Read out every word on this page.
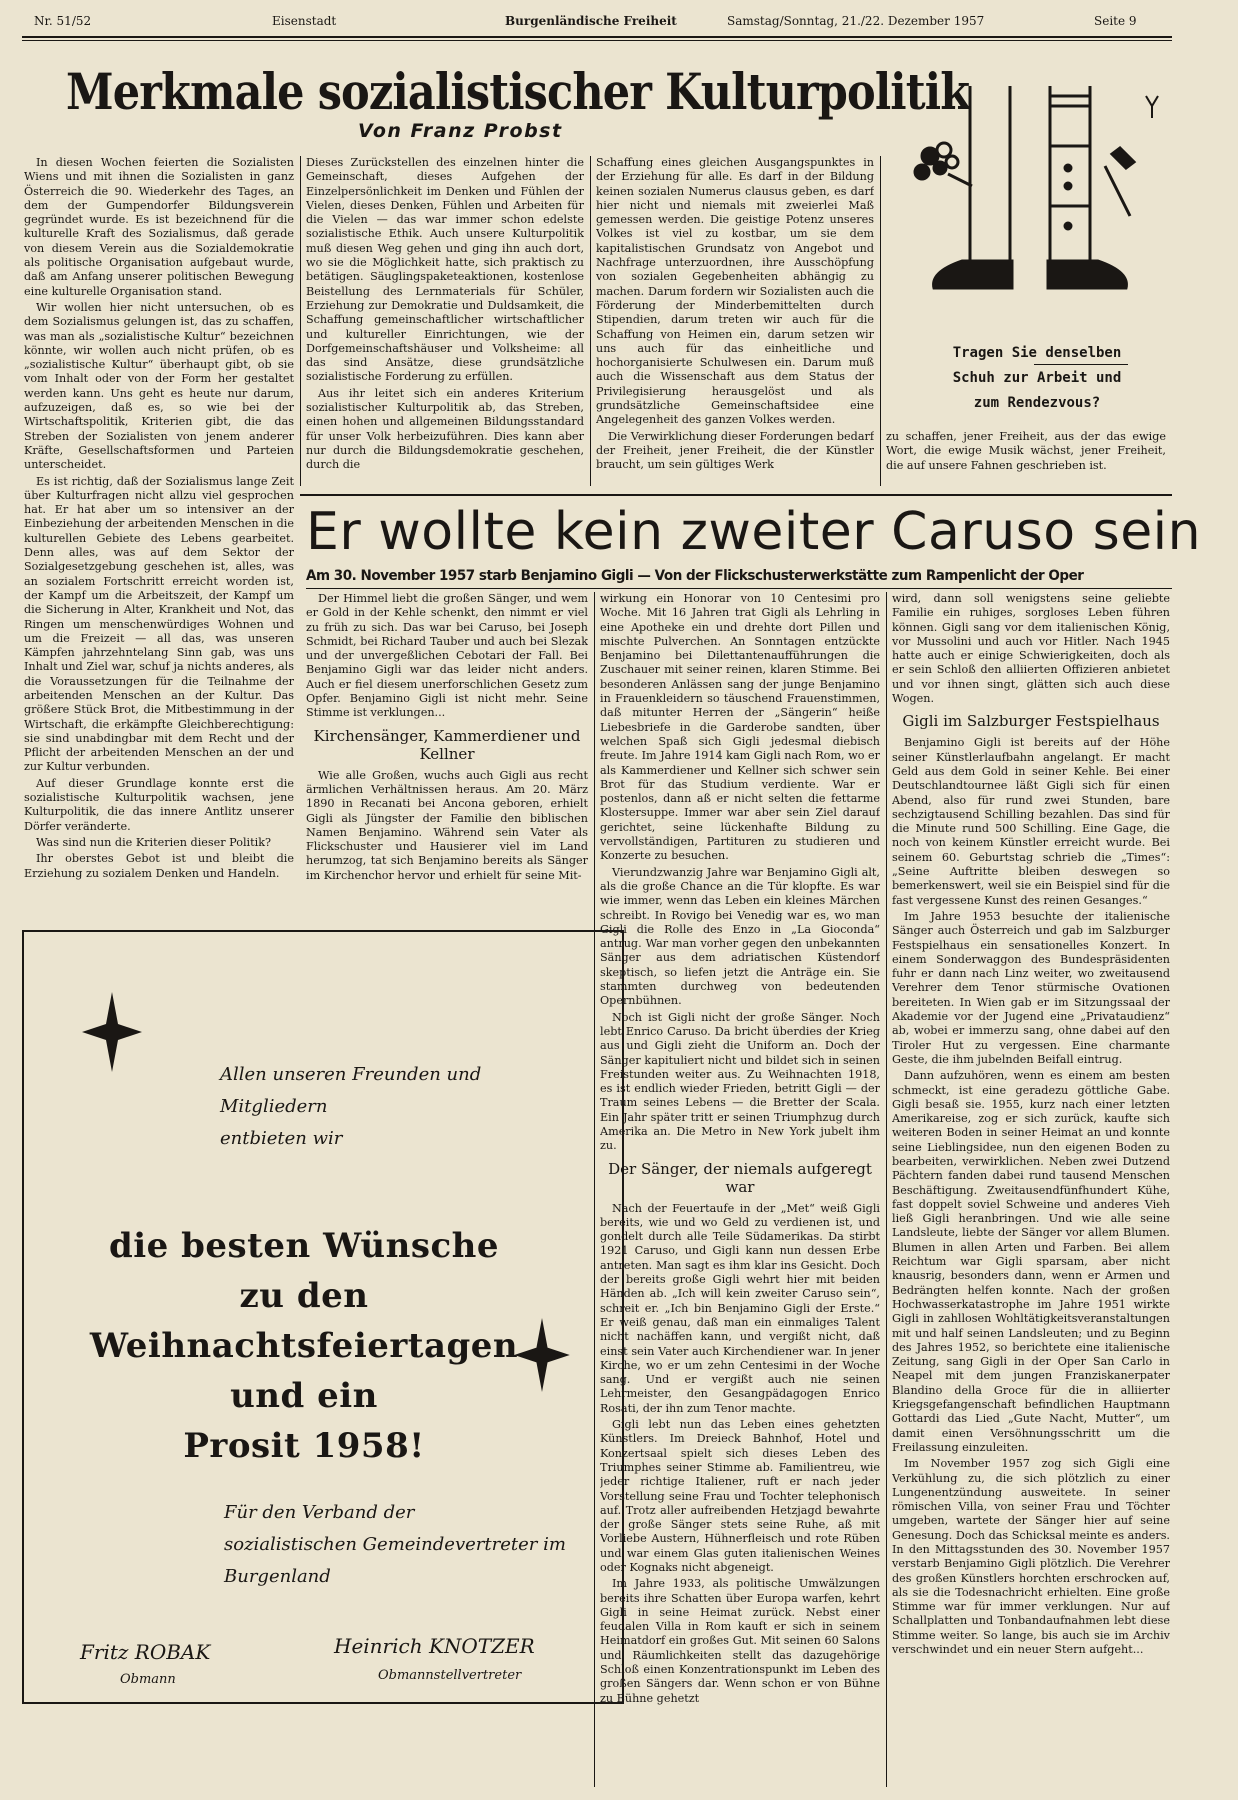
Nr. 51/52	Eisenstadt	Burgenländische Freiheit	Samstag/Sonntag, 21./22. Dezember 1957	Seite 9
Merkmale sozialistischer Kulturpolitik
Von Franz Probst

In diesen Wochen feierten die Sozialisten Wiens und mit ihnen die Sozialisten in ganz Österreich die 90. Wiederkehr des Tages, an dem der Gumpendorfer Bildungsverein gegründet wurde. Es ist bezeichnend für die kulturelle Kraft des Sozialismus, daß gerade von diesem Verein aus die Sozialdemokratie als politische Organisation aufgebaut wurde, daß am Anfang unserer politischen Bewegung eine kulturelle Organisation stand.

Wir wollen hier nicht untersuchen, ob es dem Sozialismus gelungen ist, das zu schaffen, was man als „sozialistische Kultur“ bezeichnen könnte, wir wollen auch nicht prüfen, ob es „sozialistische Kultur“ überhaupt gibt, ob sie vom Inhalt oder von der Form her gestaltet werden kann. Uns geht es heute nur darum, aufzuzeigen, daß es, so wie bei der Wirtschaftspolitik, Kriterien gibt, die das Streben der Sozialisten von jenem anderer Kräfte, Gesellschaftsformen und Parteien unterscheidet.

Es ist richtig, daß der Sozialismus lange Zeit über Kulturfragen nicht allzu viel gesprochen hat. Er hat aber um so intensiver an der Einbeziehung der arbeitenden Menschen in die kulturellen Gebiete des Lebens gearbeitet. Denn alles, was auf dem Sektor der Sozialgesetzgebung geschehen ist, alles, was an sozialem Fortschritt erreicht worden ist, der Kampf um die Arbeitszeit, der Kampf um die Sicherung in Alter, Krankheit und Not, das Ringen um menschenwürdiges Wohnen und um die Freizeit — all das, was unseren Kämpfen jahrzehntelang Sinn gab, was uns Inhalt und Ziel war, schuf ja nichts anderes, als die Voraussetzungen für die Teilnahme der arbeitenden Menschen an der Kultur. Das größere Stück Brot, die Mitbestimmung in der Wirtschaft, die erkämpfte Gleichberechtigung: sie sind unabdingbar mit dem Recht und der Pflicht der arbeitenden Menschen an der und zur Kultur verbunden.

Auf dieser Grundlage konnte erst die sozialistische Kulturpolitik wachsen, jene Kulturpolitik, die das innere Antlitz unserer Dörfer veränderte.

Was sind nun die Kriterien dieser Politik?

Ihr oberstes Gebot ist und bleibt die Erziehung zu sozialem Denken und Handeln.

Dieses Zurückstellen des einzelnen hinter die Gemeinschaft, dieses Aufgehen der Einzelpersönlichkeit im Denken und Fühlen der Vielen, dieses Denken, Fühlen und Arbeiten für die Vielen — das war immer schon edelste sozialistische Ethik. Auch unsere Kulturpolitik muß diesen Weg gehen und ging ihn auch dort, wo sie die Möglichkeit hatte, sich praktisch zu betätigen. Säuglingspaketeaktionen, kostenlose Beistellung des Lernmaterials für Schüler, Erziehung zur Demokratie und Duldsamkeit, die Schaffung gemeinschaftlicher wirtschaftlicher und kultureller Einrichtungen, wie der Dorfgemeinschaftshäuser und Volksheime: all das sind Ansätze, diese grundsätzliche sozialistische Forderung zu erfüllen.

Aus ihr leitet sich ein anderes Kriterium sozialistischer Kulturpolitik ab, das Streben, einen hohen und allgemeinen Bildungsstandard für unser Volk herbeizuführen. Dies kann aber nur durch die Bildungsdemokratie geschehen, durch die

Schaffung eines gleichen Ausgangspunktes in der Erziehung für alle. Es darf in der Bildung keinen sozialen Numerus clausus geben, es darf hier nicht und niemals mit zweierlei Maß gemessen werden. Die geistige Potenz unseres Volkes ist viel zu kostbar, um sie dem kapitalistischen Grundsatz von Angebot und Nachfrage unterzuordnen, ihre Ausschöpfung von sozialen Gegebenheiten abhängig zu machen. Darum fordern wir Sozialisten auch die Förderung der Minderbemittelten durch Stipendien, darum treten wir auch für die Schaffung von Heimen ein, darum setzen wir uns auch für das einheitliche und hochorganisierte Schulwesen ein. Darum muß auch die Wissenschaft aus dem Status der Privilegisierung herausgelöst und als grundsätzliche Gemeinschaftsidee eine Angelegenheit des ganzen Volkes werden.

Die Verwirklichung dieser Forderungen bedarf der Freiheit, jener Freiheit, die der Künstler braucht, um sein gültiges Werk

Tragen Sie denselben
Schuh zur Arbeit und
zum Rendezvous?

zu schaffen, jener Freiheit, aus der das ewige Wort, die ewige Musik wächst, jener Freiheit, die auf unsere Fahnen geschrieben ist.

Er wollte kein zweiter Caruso sein
Am 30. November 1957 starb Benjamino Gigli — Von der Flickschusterwerkstätte zum Rampenlicht der Oper

Der Himmel liebt die großen Sänger, und wem er Gold in der Kehle schenkt, den nimmt er viel zu früh zu sich. Das war bei Caruso, bei Joseph Schmidt, bei Richard Tauber und auch bei Slezak und der unvergeßlichen Cebotari der Fall. Bei Benjamino Gigli war das leider nicht anders. Auch er fiel diesem unerforschlichen Gesetz zum Opfer. Benjamino Gigli ist nicht mehr. Seine Stimme ist verklungen...

Kirchensänger, Kammerdiener und Kellner

Wie alle Großen, wuchs auch Gigli aus recht ärmlichen Verhältnissen heraus. Am 20. März 1890 in Recanati bei Ancona geboren, erhielt Gigli als Jüngster der Familie den biblischen Namen Benjamino. Während sein Vater als Flickschuster und Hausierer viel im Land herumzog, tat sich Benjamino bereits als Sänger im Kirchenchor hervor und erhielt für seine Mit-

wirkung ein Honorar von 10 Centesimi pro Woche. Mit 16 Jahren trat Gigli als Lehrling in eine Apotheke ein und drehte dort Pillen und mischte Pulverchen. An Sonntagen entzückte Benjamino bei Dilettantenaufführungen die Zuschauer mit seiner reinen, klaren Stimme. Bei besonderen Anlässen sang der junge Benjamino in Frauenkleidern so täuschend Frauenstimmen, daß mitunter Herren der „Sängerin“ heiße Liebesbriefe in die Garderobe sandten, über welchen Spaß sich Gigli jedesmal diebisch freute. Im Jahre 1914 kam Gigli nach Rom, wo er als Kammerdiener und Kellner sich schwer sein Brot für das Studium verdiente. War er postenlos, dann aß er nicht selten die fettarme Klostersuppe. Immer war aber sein Ziel darauf gerichtet, seine lückenhafte Bildung zu vervollständigen, Partituren zu studieren und Konzerte zu besuchen.

Vierundzwanzig Jahre war Benjamino Gigli alt, als die große Chance an die Tür klopfte. Es war wie immer, wenn das Leben ein kleines Märchen schreibt. In Rovigo bei Venedig war es, wo man Gigli die Rolle des Enzo in „La Gioconda“ antrug. War man vorher gegen den unbekannten Sänger aus dem adriatischen Küstendorf skeptisch, so liefen jetzt die Anträge ein. Sie stammten durchweg von bedeutenden Opernbühnen.

Noch ist Gigli nicht der große Sänger. Noch lebt Enrico Caruso. Da bricht überdies der Krieg aus und Gigli zieht die Uniform an. Doch der Sänger kapituliert nicht und bildet sich in seinen Freistunden weiter aus. Zu Weihnachten 1918, es ist endlich wieder Frieden, betritt Gigli — der Traum seines Lebens — die Bretter der Scala. Ein Jahr später tritt er seinen Triumphzug durch Amerika an. Die Metro in New York jubelt ihm zu.

Der Sänger, der niemals aufgeregt war

Nach der Feuertaufe in der „Met“ weiß Gigli bereits, wie und wo Geld zu verdienen ist, und gondelt durch alle Teile Südamerikas. Da stirbt 1921 Caruso, und Gigli kann nun dessen Erbe antreten. Man sagt es ihm klar ins Gesicht. Doch der bereits große Gigli wehrt hier mit beiden Händen ab. „Ich will kein zweiter Caruso sein“, schreit er. „Ich bin Benjamino Gigli der Erste.“ Er weiß genau, daß man ein einmaliges Talent nicht nachäffen kann, und vergißt nicht, daß einst sein Vater auch Kirchendiener war. In jener Kirche, wo er um zehn Centesimi in der Woche sang. Und er vergißt auch nie seinen Lehrmeister, den Gesangpädagogen Enrico Rosati, der ihn zum Tenor machte.

Gigli lebt nun das Leben eines gehetzten Künstlers. Im Dreieck Bahnhof, Hotel und Konzertsaal spielt sich dieses Leben des Triumphes seiner Stimme ab. Familientreu, wie jeder richtige Italiener, ruft er nach jeder Vorstellung seine Frau und Tochter telephonisch auf. Trotz aller aufreibenden Hetzjagd bewahrte der große Sänger stets seine Ruhe, aß mit Vorliebe Austern, Hühnerfleisch und rote Rüben und war einem Glas guten italienischen Weines oder Kognaks nicht abgeneigt.

Im Jahre 1933, als politische Umwälzungen bereits ihre Schatten über Europa warfen, kehrt Gigli in seine Heimat zurück. Nebst einer feudalen Villa in Rom kauft er sich in seinem Heimatdorf ein großes Gut. Mit seinen 60 Salons und Räumlichkeiten stellt das dazugehörige Schloß einen Konzentrationspunkt im Leben des großen Sängers dar. Wenn schon er von Bühne zu Bühne gehetzt

wird, dann soll wenigstens seine geliebte Familie ein ruhiges, sorgloses Leben führen können. Gigli sang vor dem italienischen König, vor Mussolini und auch vor Hitler. Nach 1945 hatte auch er einige Schwierigkeiten, doch als er sein Schloß den alliierten Offizieren anbietet und vor ihnen singt, glätten sich auch diese Wogen.

Gigli im Salzburger Festspielhaus

Benjamino Gigli ist bereits auf der Höhe seiner Künstlerlaufbahn angelangt. Er macht Geld aus dem Gold in seiner Kehle. Bei einer Deutschlandtournee läßt Gigli sich für einen Abend, also für rund zwei Stunden, bare sechzigtausend Schilling bezahlen. Das sind für die Minute rund 500 Schilling. Eine Gage, die noch von keinem Künstler erreicht wurde. Bei seinem 60. Geburtstag schrieb die „Times“: „Seine Auftritte bleiben deswegen so bemerkenswert, weil sie ein Beispiel sind für die fast vergessene Kunst des reinen Gesanges.“

Im Jahre 1953 besuchte der italienische Sänger auch Österreich und gab im Salzburger Festspielhaus ein sensationelles Konzert. In einem Sonderwaggon des Bundespräsidenten fuhr er dann nach Linz weiter, wo zweitausend Verehrer dem Tenor stürmische Ovationen bereiteten. In Wien gab er im Sitzungssaal der Akademie vor der Jugend eine „Privataudienz“ ab, wobei er immerzu sang, ohne dabei auf den Tiroler Hut zu vergessen. Eine charmante Geste, die ihm jubelnden Beifall eintrug.

Dann aufzuhören, wenn es einem am besten schmeckt, ist eine geradezu göttliche Gabe. Gigli besaß sie. 1955, kurz nach einer letzten Amerikareise, zog er sich zurück, kaufte sich weiteren Boden in seiner Heimat an und konnte seine Lieblingsidee, nun den eigenen Boden zu bearbeiten, verwirklichen. Neben zwei Dutzend Pächtern fanden dabei rund tausend Menschen Beschäftigung. Zweitausendfünfhundert Kühe, fast doppelt soviel Schweine und anderes Vieh ließ Gigli heranbringen. Und wie alle seine Landsleute, liebte der Sänger vor allem Blumen. Blumen in allen Arten und Farben. Bei allem Reichtum war Gigli sparsam, aber nicht knausrig, besonders dann, wenn er Armen und Bedrängten helfen konnte. Nach der großen Hochwasserkatastrophe im Jahre 1951 wirkte Gigli in zahllosen Wohltätigkeitsveranstaltungen mit und half seinen Landsleuten; und zu Beginn des Jahres 1952, so berichtete eine italienische Zeitung, sang Gigli in der Oper San Carlo in Neapel mit dem jungen Franziskanerpater Blandino della Groce für die in alliierter Kriegsgefangenschaft befindlichen Hauptmann Gottardi das Lied „Gute Nacht, Mutter“, um damit einen Versöhnungsschritt um die Freilassung einzuleiten.

Im November 1957 zog sich Gigli eine Verkühlung zu, die sich plötzlich zu einer Lungenentzündung ausweitete. In seiner römischen Villa, von seiner Frau und Töchter umgeben, wartete der Sänger hier auf seine Genesung. Doch das Schicksal meinte es anders. In den Mittagsstunden des 30. November 1957 verstarb Benjamino Gigli plötzlich. Die Verehrer des großen Künstlers horchten erschrocken auf, als sie die Todesnachricht erhielten. Eine große Stimme war für immer verklungen. Nur auf Schallplatten und Tonbandaufnahmen lebt diese Stimme weiter. So lange, bis auch sie im Archiv verschwindet und ein neuer Stern aufgeht...

Allen unseren Freunden und
Mitgliedern
entbieten wir
die besten Wünsche
zu den
Weihnachtsfeiertagen
und ein
Prosit 1958!
Für den Verband der
sozialistischen Gemeindevertreter im
Burgenland
Fritz ROBAK
Obmann
Heinrich KNOTZER
Obmannstellvertreter
